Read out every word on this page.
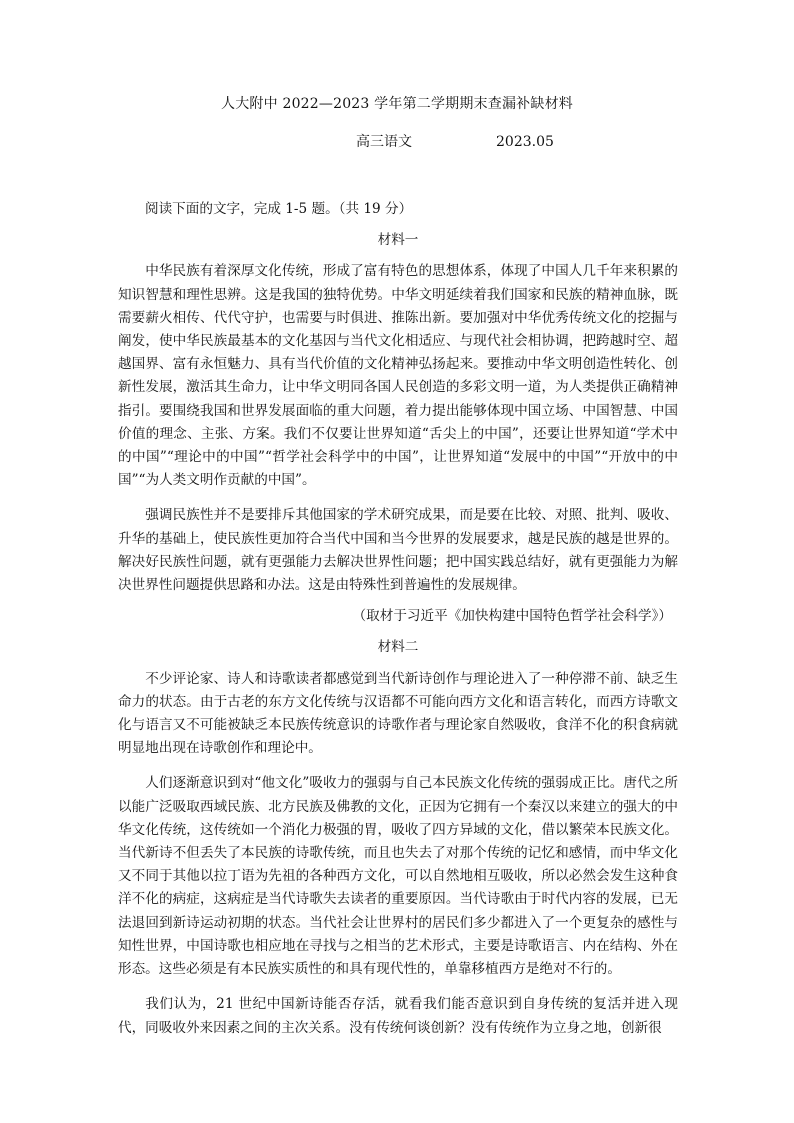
人大附中 2022—2023 学年第二学期期末查漏补缺材料
高三语文	2023.05

阅读下面的文字，完成 1-5 题。（共 19 分）

材料一

中华民族有着深厚文化传统，形成了富有特色的思想体系，体现了中国人几千年来积累的知识智慧和理性思辨。这是我国的独特优势。中华文明延续着我们国家和民族的精神血脉，既需要薪火相传、代代守护，也需要与时俱进、推陈出新。要加强对中华优秀传统文化的挖掘与阐发，使中华民族最基本的文化基因与当代文化相适应、与现代社会相协调，把跨越时空、超越国界、富有永恒魅力、具有当代价值的文化精神弘扬起来。要推动中华文明创造性转化、创新性发展，激活其生命力，让中华文明同各国人民创造的多彩文明一道，为人类提供正确精神指引。要围绕我国和世界发展面临的重大问题，着力提出能够体现中国立场、中国智慧、中国价值的理念、主张、方案。我们不仅要让世界知道“舌尖上的中国”，还要让世界知道“学术中的中国”“理论中的中国”“哲学社会科学中的中国”，让世界知道“发展中的中国”“开放中的中国”“为人类文明作贡献的中国”。

强调民族性并不是要排斥其他国家的学术研究成果，而是要在比较、对照、批判、吸收、升华的基础上，使民族性更加符合当代中国和当今世界的发展要求，越是民族的越是世界的。解决好民族性问题，就有更强能力去解决世界性问题；把中国实践总结好，就有更强能力为解决世界性问题提供思路和办法。这是由特殊性到普遍性的发展规律。

（取材于习近平《加快构建中国特色哲学社会科学》）

材料二

不少评论家、诗人和诗歌读者都感觉到当代新诗创作与理论进入了一种停滞不前、缺乏生命力的状态。由于古老的东方文化传统与汉语都不可能向西方文化和语言转化，而西方诗歌文化与语言又不可能被缺乏本民族传统意识的诗歌作者与理论家自然吸收，食洋不化的积食病就明显地出现在诗歌创作和理论中。

人们逐渐意识到对“他文化”吸收力的强弱与自己本民族文化传统的强弱成正比。唐代之所以能广泛吸取西域民族、北方民族及佛教的文化，正因为它拥有一个秦汉以来建立的强大的中华文化传统，这传统如一个消化力极强的胃，吸收了四方异域的文化，借以繁荣本民族文化。当代新诗不但丢失了本民族的诗歌传统，而且也失去了对那个传统的记忆和感情，而中华文化又不同于其他以拉丁语为先祖的各种西方文化，可以自然地相互吸收，所以必然会发生这种食洋不化的病症，这病症是当代诗歌失去读者的重要原因。当代诗歌由于时代内容的发展，已无法退回到新诗运动初期的状态。当代社会让世界村的居民们多少都进入了一个更复杂的感性与知性世界，中国诗歌也相应地在寻找与之相当的艺术形式，主要是诗歌语言、内在结构、外在形态。这些必须是有本民族实质性的和具有现代性的，单靠移植西方是绝对不行的。

我们认为，21 世纪中国新诗能否存活，就看我们能否意识到自身传统的复活并进入现代，同吸收外来因素之间的主次关系。没有传统何谈创新？没有传统作为立身之地，创新很
